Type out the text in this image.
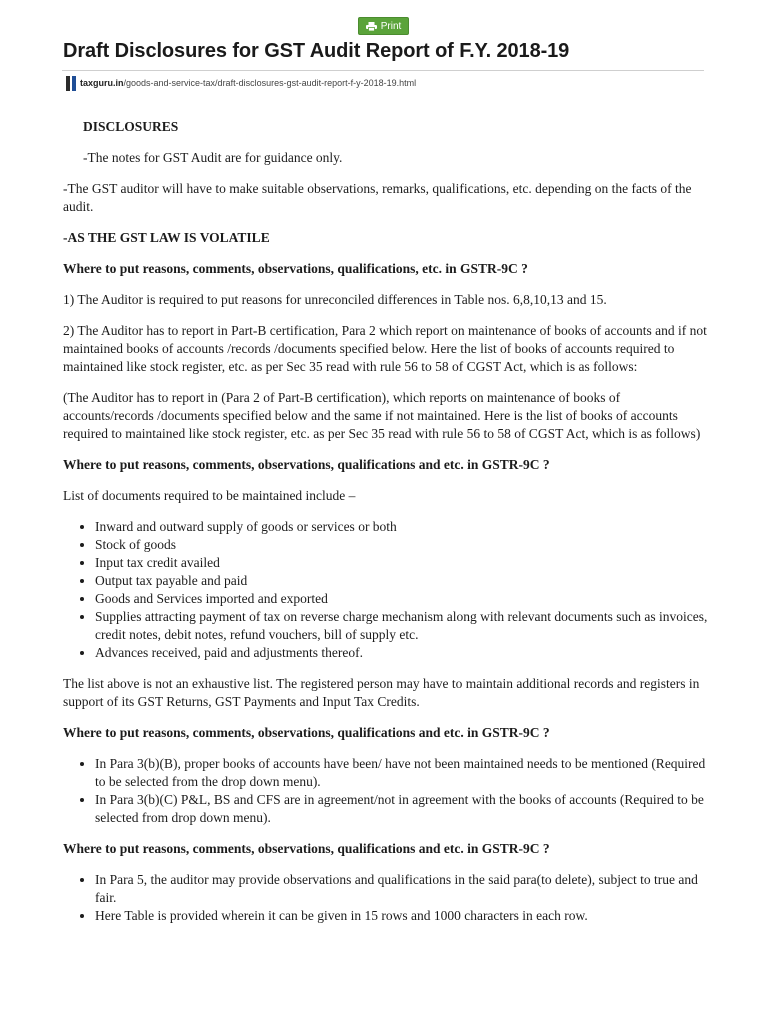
Print
Draft Disclosures for GST Audit Report of F.Y. 2018-19
taxguru.in /goods-and-service-tax/draft-disclosures-gst-audit-report-f-y-2018-19.html

DISCLOSURES

-The notes for GST Audit are for guidance only.

-The GST auditor will have to make suitable observations, remarks, qualifications, etc. depending on the facts of the audit.

-AS THE GST LAW IS VOLATILE

Where to put reasons, comments, observations, qualifications, etc. in GSTR-9C ?

1) The Auditor is required to put reasons for unreconciled differences in Table nos. 6,8,10,13 and 15.

2) The Auditor has to report in Part-B certification, Para 2 which report on maintenance of books of accounts and if not maintained books of accounts /records /documents specified below. Here the list of books of accounts required to maintained like stock register, etc. as per Sec 35 read with rule 56 to 58 of CGST Act, which is as follows:

(The Auditor has to report in (Para 2 of Part-B certification), which reports on maintenance of books of accounts/records /documents specified below and the same if not maintained. Here is the list of books of accounts required to maintained like stock register, etc. as per Sec 35 read with rule 56 to 58 of CGST Act, which is as follows)

Where to put reasons, comments, observations, qualifications and etc. in GSTR-9C ?

List of documents required to be maintained include –

• Inward and outward supply of goods or services or both
• Stock of goods
• Input tax credit availed
• Output tax payable and paid
• Goods and Services imported and exported
• Supplies attracting payment of tax on reverse charge mechanism along with relevant documents such as invoices, credit notes, debit notes, refund vouchers, bill of supply etc.
• Advances received, paid and adjustments thereof.

The list above is not an exhaustive list. The registered person may have to maintain additional records and registers in support of its GST Returns, GST Payments and Input Tax Credits.

Where to put reasons, comments, observations, qualifications and etc. in GSTR-9C ?

• In Para 3(b)(B), proper books of accounts have been/ have not been maintained needs to be mentioned (Required to be selected from the drop down menu).
• In Para 3(b)(C) P&L, BS and CFS are in agreement/not in agreement with the books of accounts (Required to be selected from drop down menu).

Where to put reasons, comments, observations, qualifications and etc. in GSTR-9C ?

• In Para 5, the auditor may provide observations and qualifications in the said para(to delete), subject to true and fair.
• Here Table is provided wherein it can be given in 15 rows and 1000 characters in each row.
